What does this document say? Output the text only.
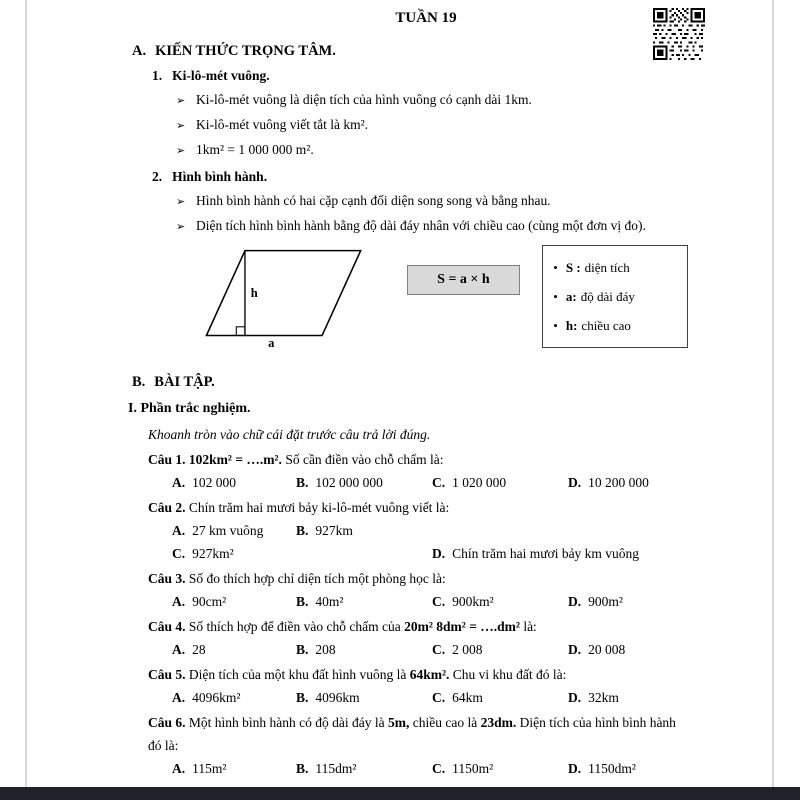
TUẦN 19
A. KIẾN THỨC TRỌNG TÂM.
1. Ki-lô-mét vuông.
➢ Ki-lô-mét vuông là diện tích của hình vuông có cạnh dài 1km.
➢ Ki-lô-mét vuông viết tắt là km².
➢ 1km² = 1 000 000 m².
2. Hình bình hành.
➢ Hình bình hành có hai cặp cạnh đối diện song song và bằng nhau.
➢ Diện tích hình bình hành bằng độ dài đáy nhân với chiều cao (cùng một đơn vị đo).
h
a
S = a × h
• S : diện tích
• a: độ dài đáy
• h: chiều cao
B. BÀI TẬP.
I. Phần trắc nghiệm.
Khoanh tròn vào chữ cái đặt trước câu trả lời đúng.
Câu 1. 102km² = ….m². Số cần điền vào chỗ chấm là:
A. 102 000	B. 102 000 000	C. 1 020 000	D. 10 200 000
Câu 2. Chín trăm hai mươi bảy ki-lô-mét vuông viết là:
A. 27 km vuông	B. 927km
C. 927km²	D. Chín trăm hai mươi bảy km vuông
Câu 3. Số đo thích hợp chỉ diện tích một phòng học là:
A. 90cm²	B. 40m²	C. 900km²	D. 900m²
Câu 4. Số thích hợp để điền vào chỗ chấm của 20m² 8dm² = ….dm² là:
A. 28	B. 208	C. 2 008	D. 20 008
Câu 5. Diện tích của một khu đất hình vuông là 64km². Chu vi khu đất đó là:
A. 4096km²	B. 4096km	C. 64km	D. 32km
Câu 6. Một hình bình hành có độ dài đáy là 5m, chiều cao là 23dm. Diện tích của hình bình hành đó là:
A. 115m²	B. 115dm²	C. 1150m²	D. 1150dm²
